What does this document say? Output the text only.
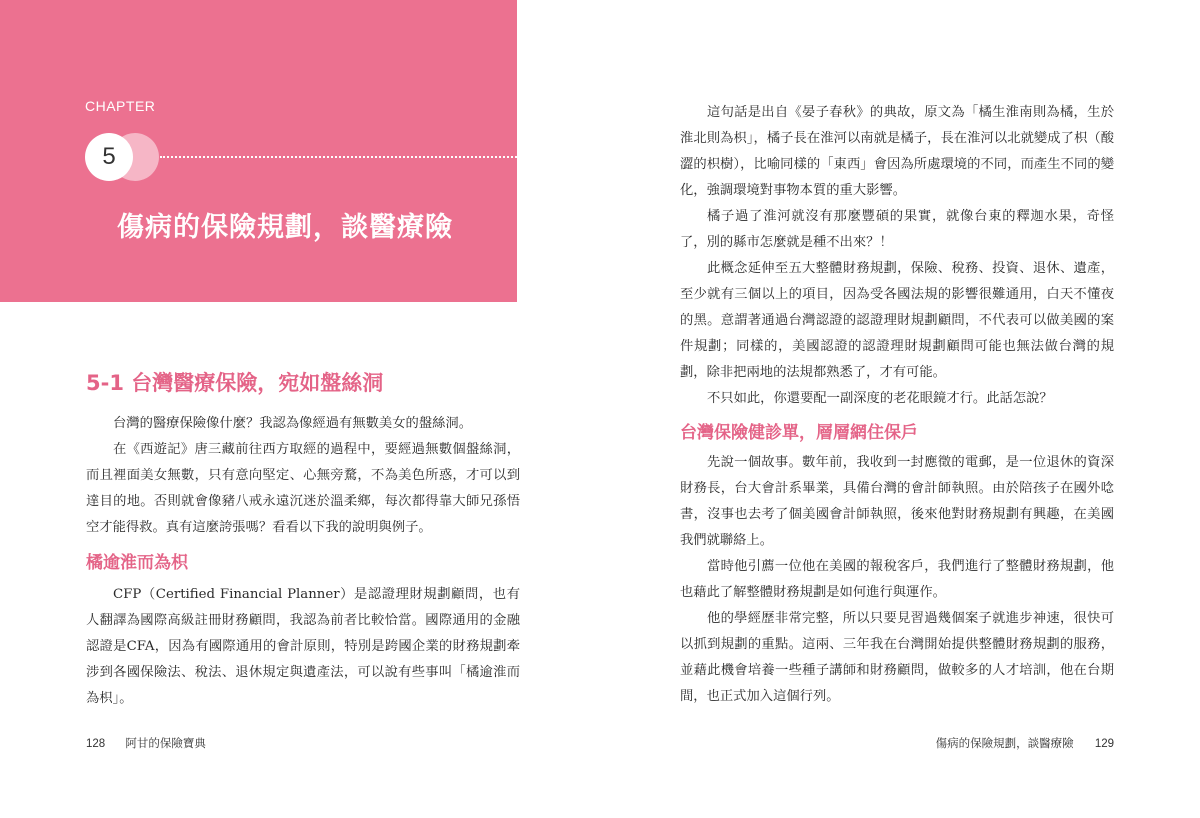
CHAPTER
5
傷病的保險規劃，談醫療險
5-1 台灣醫療保險，宛如盤絲洞

台灣的醫療保險像什麼？我認為像經過有無數美女的盤絲洞。

在《西遊記》唐三藏前往西方取經的過程中，要經過無數個盤絲洞，而且裡面美女無數，只有意向堅定、心無旁騖，不為美色所惑，才可以到達目的地。否則就會像豬八戒永遠沉迷於溫柔鄉，每次都得靠大師兄孫悟空才能得救。真有這麼誇張嗎？看看以下我的說明與例子。

橘逾淮而為枳

CFP（Certified Financial Planner）是認證理財規劃顧問，也有人翻譯為國際高級註冊財務顧問，我認為前者比較恰當。國際通用的金融認證是CFA，因為有國際通用的會計原則，特別是跨國企業的財務規劃牽涉到各國保險法、稅法、退休規定與遺產法，可以說有些事叫「橘逾淮而為枳」。

這句話是出自《晏子春秋》的典故，原文為「橘生淮南則為橘，生於淮北則為枳」，橘子長在淮河以南就是橘子，長在淮河以北就變成了枳（酸澀的枳樹），比喻同樣的「東西」會因為所處環境的不同，而產生不同的變化，強調環境對事物本質的重大影響。

橘子過了淮河就沒有那麼豐碩的果實，就像台東的釋迦水果，奇怪了，別的縣市怎麼就是種不出來？！

此概念延伸至五大整體財務規劃，保險、稅務、投資、退休、遺產，至少就有三個以上的項目，因為受各國法規的影響很難通用，白天不懂夜的黑。意謂著通過台灣認證的認證理財規劃顧問，不代表可以做美國的案件規劃；同樣的，美國認證的認證理財規劃顧問可能也無法做台灣的規劃，除非把兩地的法規都熟悉了，才有可能。

不只如此，你還要配一副深度的老花眼鏡才行。此話怎說？

台灣保險健診單，層層網住保戶

先說一個故事。數年前，我收到一封應徵的電郵，是一位退休的資深財務長，台大會計系畢業，具備台灣的會計師執照。由於陪孩子在國外唸書，沒事也去考了個美國會計師執照，後來他對財務規劃有興趣，在美國我們就聯絡上。

當時他引薦一位他在美國的報稅客戶，我們進行了整體財務規劃，他也藉此了解整體財務規劃是如何進行與運作。

他的學經歷非常完整，所以只要見習過幾個案子就進步神速，很快可以抓到規劃的重點。這兩、三年我在台灣開始提供整體財務規劃的服務，並藉此機會培養一些種子講師和財務顧問，做較多的人才培訓，他在台期間，也正式加入這個行列。

128 阿甘的保險寶典	傷病的保險規劃，談醫療險 129
